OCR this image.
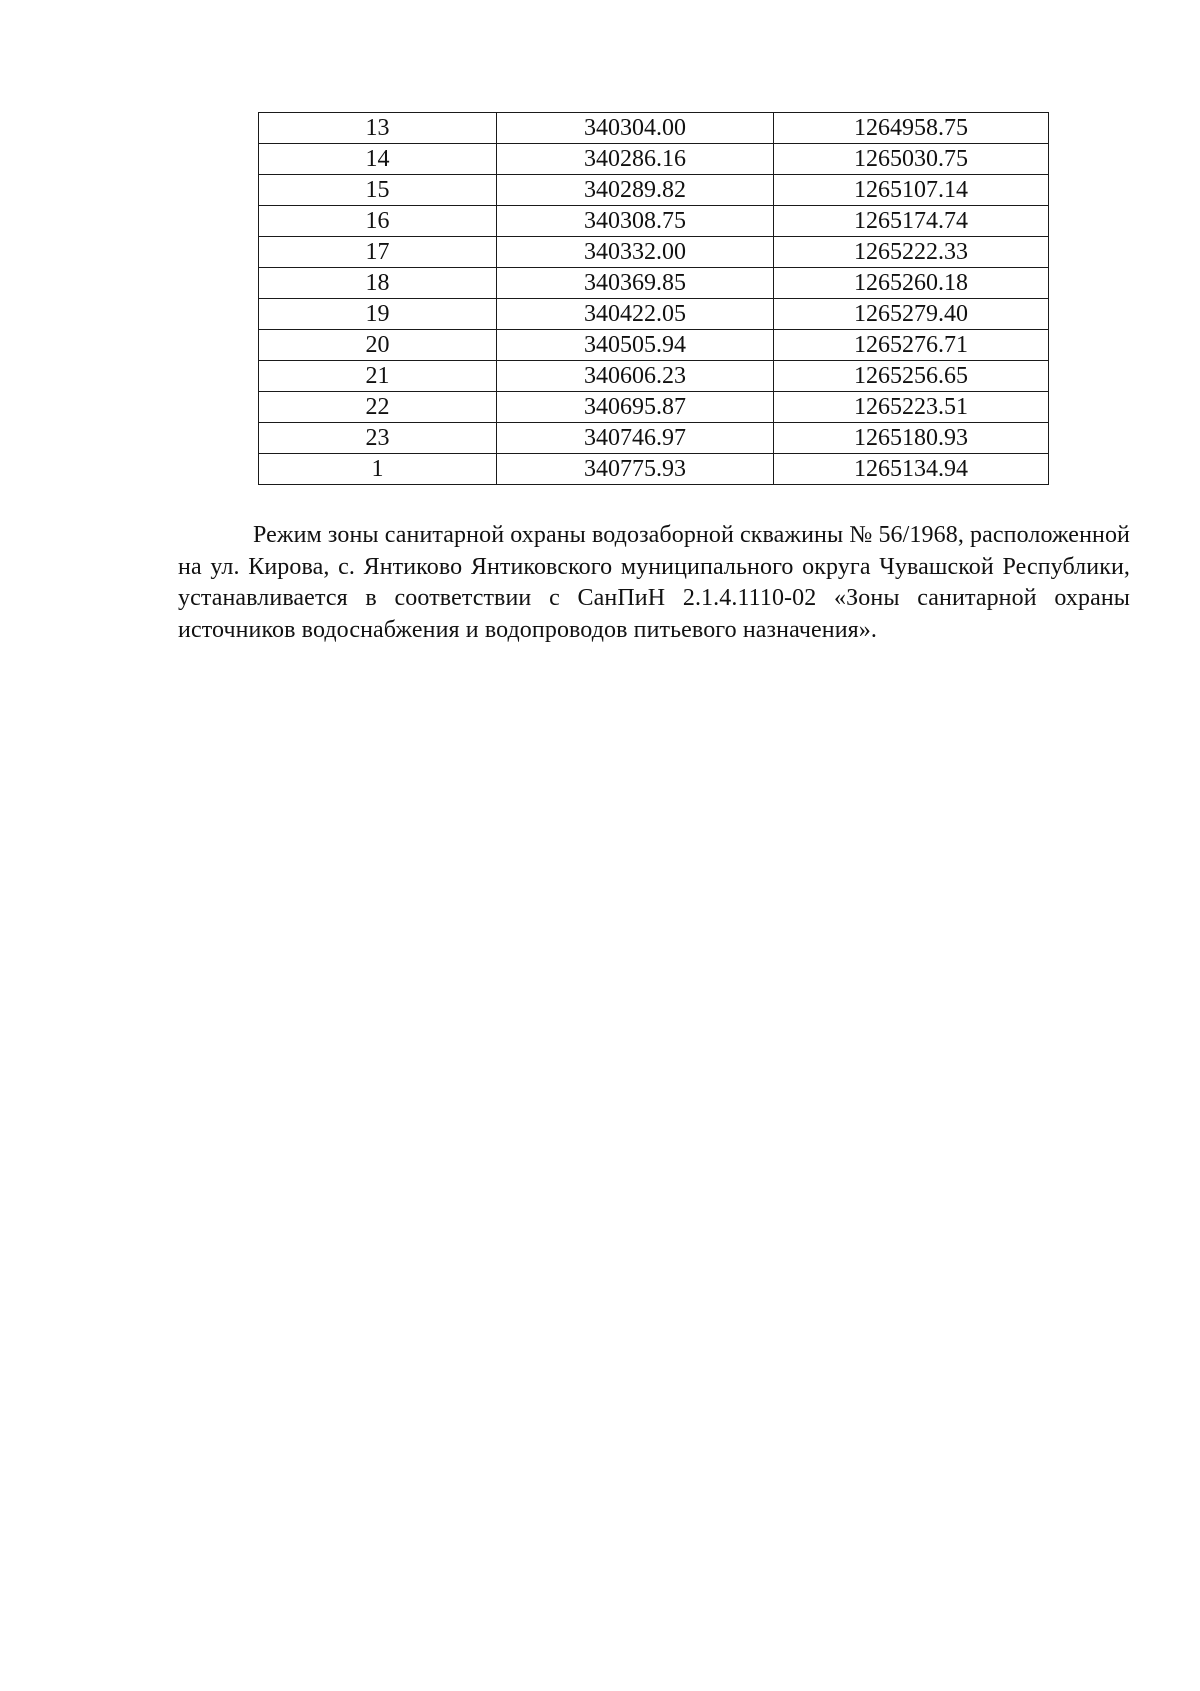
13	340304.00	1264958.75
14	340286.16	1265030.75
15	340289.82	1265107.14
16	340308.75	1265174.74
17	340332.00	1265222.33
18	340369.85	1265260.18
19	340422.05	1265279.40
20	340505.94	1265276.71
21	340606.23	1265256.65
22	340695.87	1265223.51
23	340746.97	1265180.93
1	340775.93	1265134.94

Режим зоны санитарной охраны водозаборной скважины № 56/1968, расположенной на ул. Кирова, с. Янтиково Янтиковского муниципального округа Чувашской Республики, устанавливается в соответствии с СанПиН 2.1.4.1110-02 «Зоны санитарной охраны источников водоснабжения и водопроводов питьевого назначения».
